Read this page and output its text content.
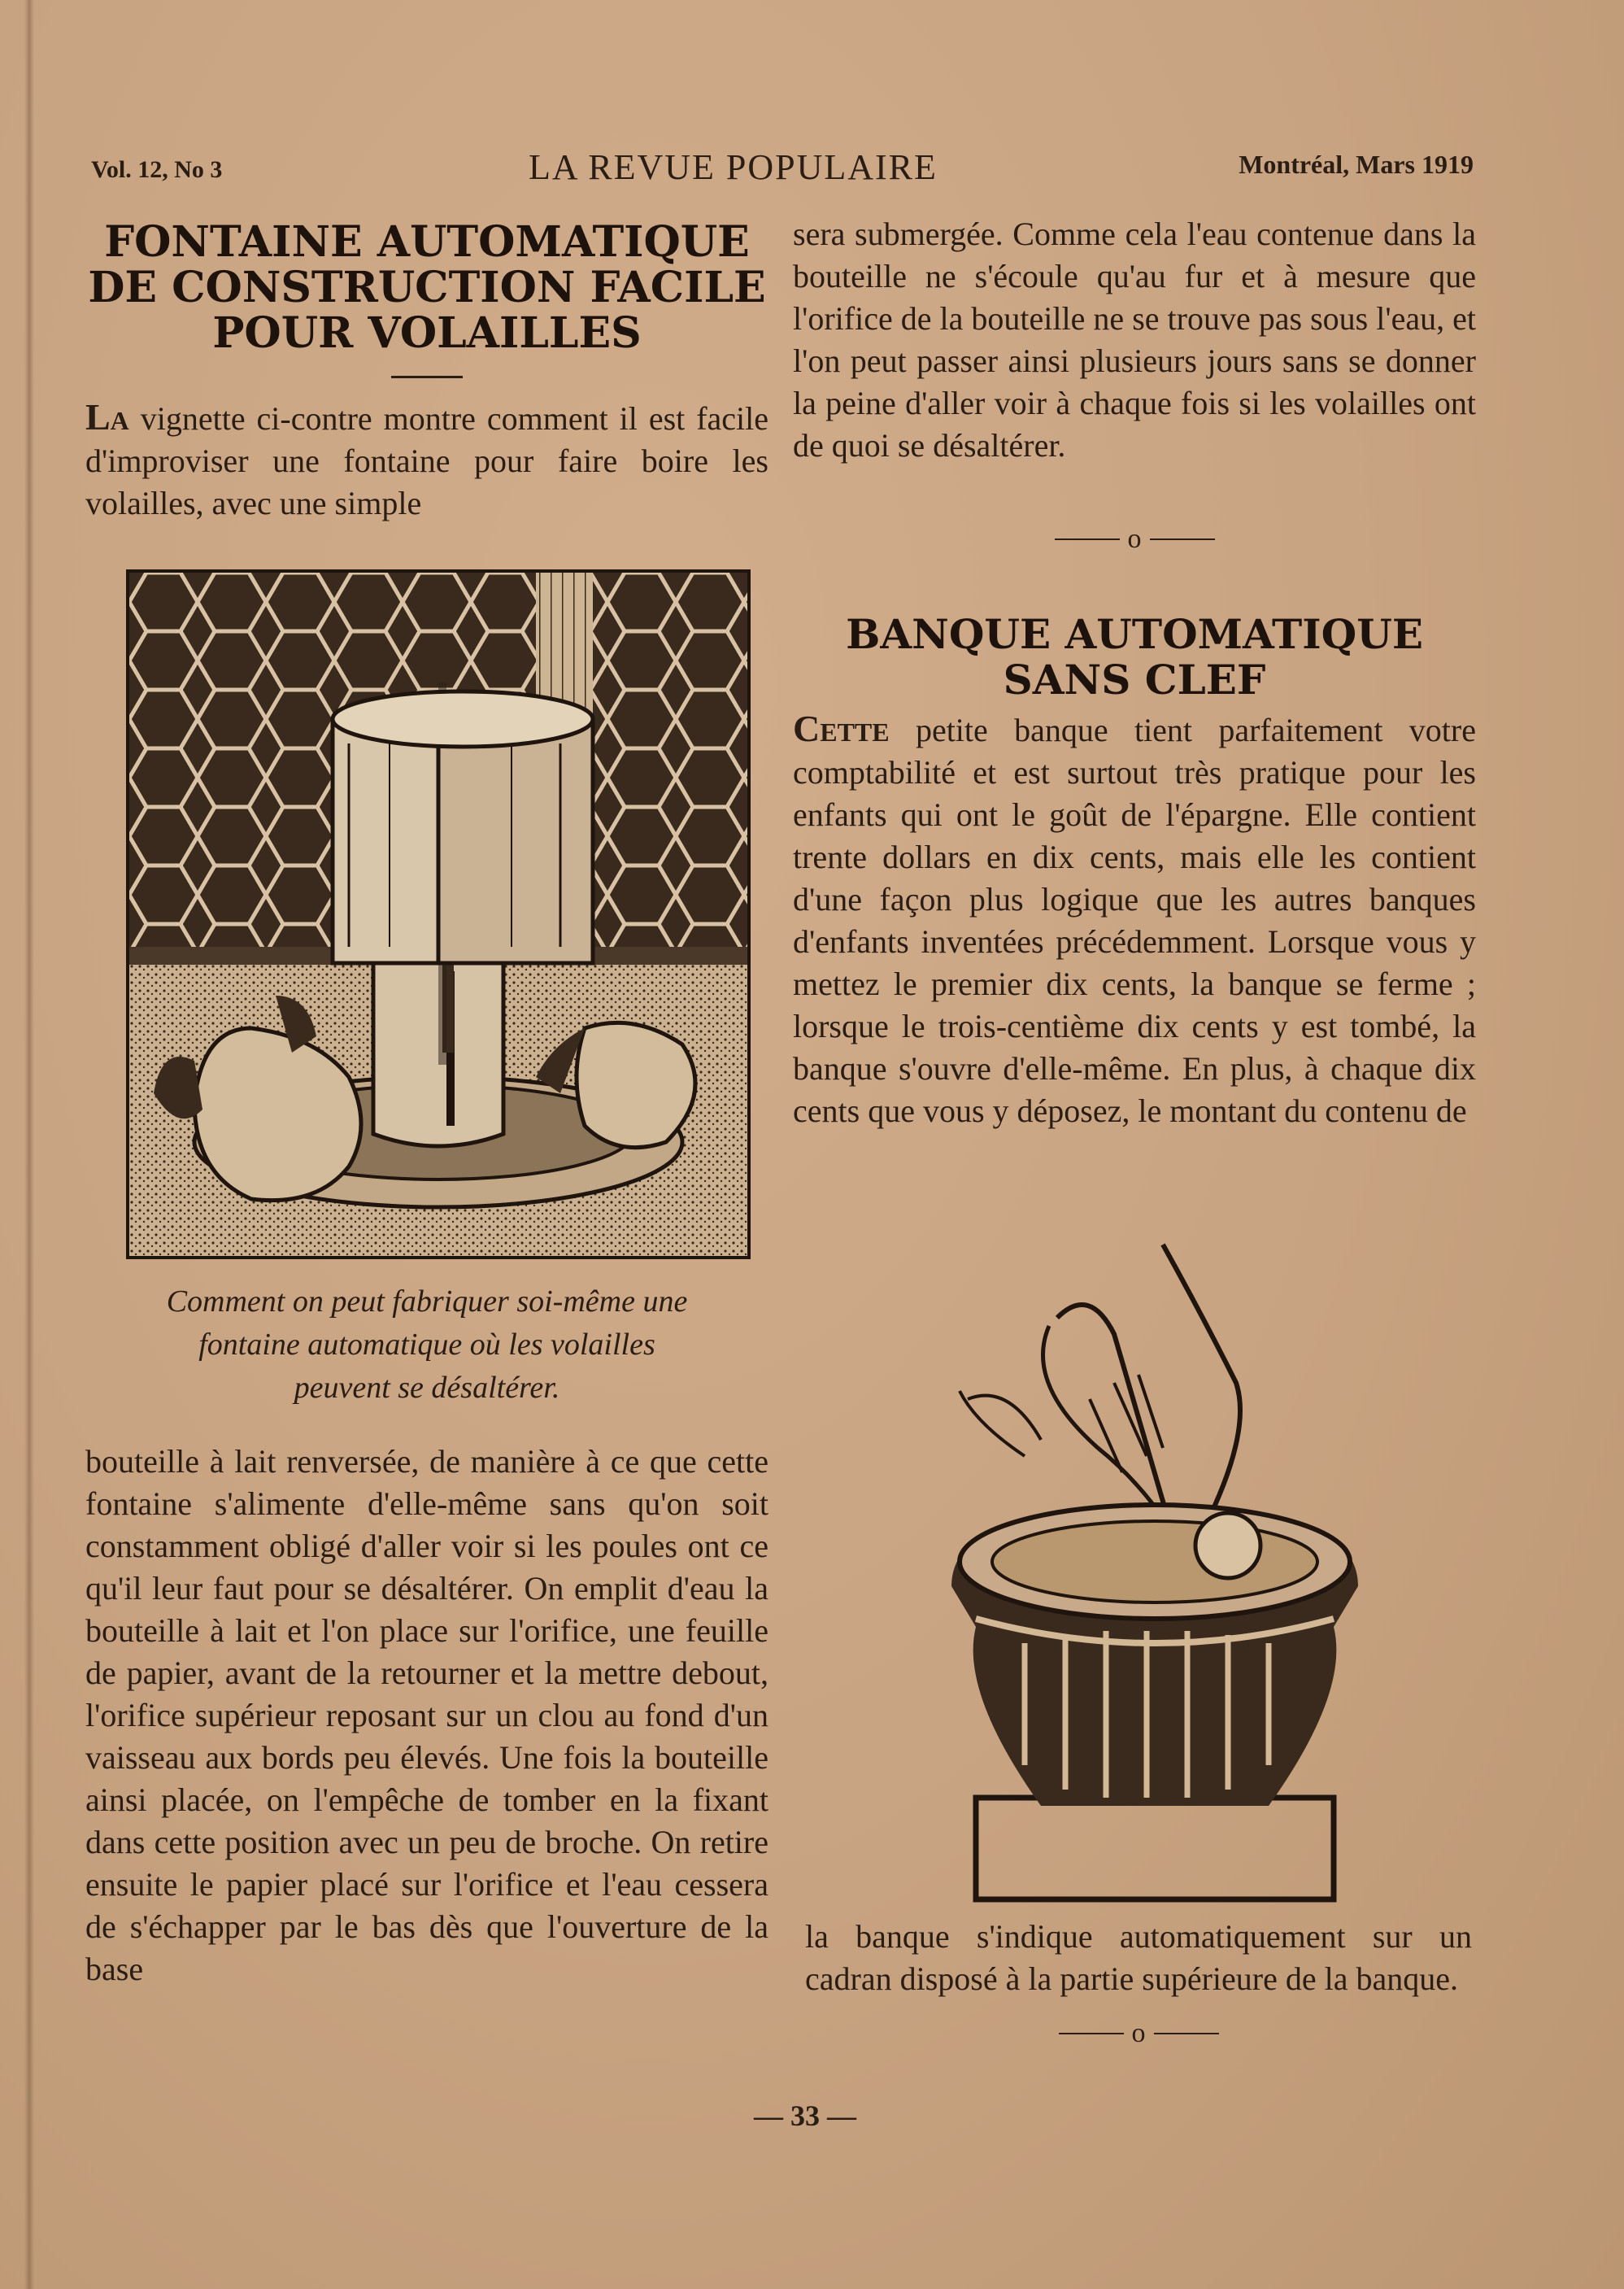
Vol. 12, No 3	LA REVUE POPULAIRE	Montréal, Mars 1919
FONTAINE AUTOMATIQUE
DE CONSTRUCTION FACILE
POUR VOLAILLES

La vignette ci-contre montre comment il est facile d'improviser une fontaine pour faire boire les volailles, avec une simple

Comment on peut fabriquer soi-même une
fontaine automatique où les volailles
peuvent se désaltérer.

bouteille à lait renversée, de manière à ce que cette fontaine s'alimente d'elle-même sans qu'on soit constamment obligé d'aller voir si les poules ont ce qu'il leur faut pour se désaltérer. On emplit d'eau la bouteille à lait et l'on place sur l'orifice, une feuille de papier, avant de la retourner et la mettre debout, l'orifice supérieur reposant sur un clou au fond d'un vaisseau aux bords peu élevés. Une fois la bouteille ainsi placée, on l'empêche de tomber en la fixant dans cette position avec un peu de broche. On retire ensuite le papier placé sur l'orifice et l'eau cessera de s'échapper par le bas dès que l'ouverture de la base

sera submergée. Comme cela l'eau contenue dans la bouteille ne s'écoule qu'au fur et à mesure que l'orifice de la bouteille ne se trouve pas sous l'eau, et l'on peut passer ainsi plusieurs jours sans se donner la peine d'aller voir à chaque fois si les volailles ont de quoi se désaltérer.

o
BANQUE AUTOMATIQUE
SANS CLEF

Cette petite banque tient parfaitement votre comptabilité et est surtout très pratique pour les enfants qui ont le goût de l'épargne. Elle contient trente dollars en dix cents, mais elle les contient d'une façon plus logique que les autres banques d'enfants inventées précédemment. Lorsque vous y mettez le premier dix cents, la banque se ferme ; lorsque le trois-centième dix cents y est tombé, la banque s'ouvre d'elle-même. En plus, à chaque dix cents que vous y déposez, le montant du contenu de

la banque s'indique automatiquement sur un cadran disposé à la partie supérieure de la banque.

o
— 33 —
